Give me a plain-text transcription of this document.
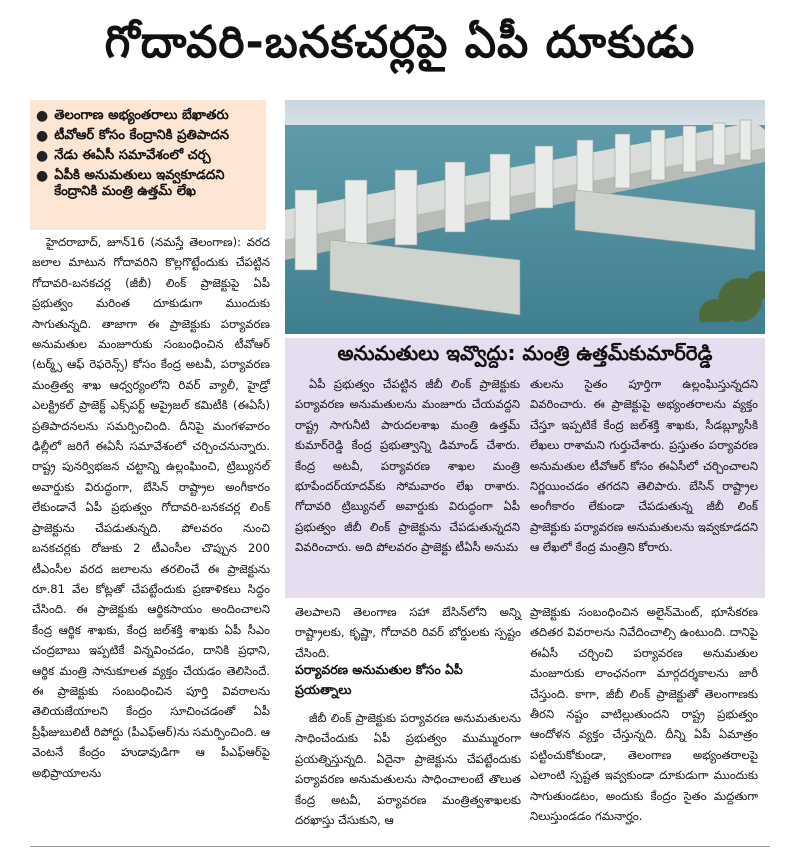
గోదావరి-బనకచర్లపై ఏపీ దూకుడు
● తెలంగాణ అభ్యంతరాలు బేఖాతరు
● టీవోఆర్‌ కోసం కేంద్రానికి ప్రతిపాదన
● నేడు ఈఏసీ సమావేశంలో చర్చ
● ఏపీకి అనుమతులు ఇవ్వకూడదని కేంద్రానికి మంత్రి ఉత్తమ్‌ లేఖ
అనుమతులు ఇవ్వొద్దు: మంత్రి ఉత్తమ్‌కుమార్‌రెడ్డి

హైదరాబాద్‌, జూన్‌16 (నమస్తే తెలంగాణ): వరద జలాల మాటున గోదావరిని కొల్లగొట్టేందుకు చేపట్టిన గోదావరి-బనకచర్ల (జీబీ) లింక్‌ ప్రాజెక్టుపై ఏపీ ప్రభుత్వం మరింత దూకుడుగా ముందుకు సాగుతున్నది. తాజాగా ఈ ప్రాజెక్టుకు పర్యావరణ అనుమతుల మంజూరుకు సంబంధించిన టీవోఆర్‌ (టర్మ్స్‌ ఆఫ్‌ రెఫరెన్స్‌) కోసం కేంద్ర అటవీ, పర్యావరణ మంత్రిత్వ శాఖ ఆధ్వర్యంలోని రివర్‌ వ్యాలీ, హైడ్రో ఎలక్ట్రికల్‌ ప్రాజెక్ట్‌ ఎక్స్‌పర్ట్‌ అప్రైజల్‌ కమిటీకి (ఈఏసీ) ప్రతిపాదనలను సమర్పించింది. దీనిపై మంగళవారం ఢిల్లీలో జరిగే ఈఏసీ సమావేశంలో చర్చించనున్నారు. రాష్ట్ర పునర్విభజన చట్టాన్ని ఉల్లంఘించి, ట్రిబ్యునల్‌ అవార్డుకు విరుద్ధంగా, బేసిన్‌ రాష్ట్రాల అంగీకారం లేకుండానే ఏపీ ప్రభుత్వం గోదావరి-బనకచర్ల లింక్‌ ప్రాజెక్టును చేపడుతున్నది. పోలవరం నుంచి బనకచర్లకు రోజుకు 2 టీఎంసీల చొప్పున 200 టీఎంసీల వరద జలాలను తరలించే ఈ ప్రాజెక్టును రూ.81 వేల కోట్లతో చేపట్టేందుకు ప్రణాళికలు సిద్ధం చేసింది. ఈ ప్రాజెక్టుకు ఆర్థికసాయం అందించాలని కేంద్ర ఆర్థిక శాఖకు, కేంద్ర జల్‌శక్తి శాఖకు ఏపీ సీఎం చంద్రబాబు ఇప్పటికే విన్నవించడం, దానికి ప్రధాని, ఆర్థిక మంత్రి సానుకూలత వ్యక్తం చేయడం తెలిసిందే. ఈ ప్రాజెక్టుకు సంబంధించిన పూర్తి వివరాలను తెలియజేయాలని కేంద్రం సూచించడంతో ఏపీ ప్రీఫీజుబులిటీ రిపోర్టు (పీఎఫ్‌ఆర్‌)ను సమర్పించింది. ఆ వెంటనే కేంద్రం హుడావుడిగా ఆ పీఎఫ్‌ఆర్‌పై అభిప్రాయాలను

ఏపీ ప్రభుత్వం చేపట్టిన జీబీ లింక్‌ ప్రాజెక్టుకు పర్యావరణ అనుమతులను మంజూరు చేయవద్దని రాష్ట్ర సాగునీటి పారుదలశాఖ మంత్రి ఉత్తమ్‌ కుమార్‌రెడ్డి కేంద్ర ప్రభుత్వాన్ని డిమాండ్‌ చేశారు. కేంద్ర అటవీ, పర్యావరణ శాఖల మంత్రి భూపేందర్‌యాదవ్‌కు సోమవారం లేఖ రాశారు. గోదావరి ట్రిబ్యునల్‌ అవార్డుకు విరుద్ధంగా ఏపీ ప్రభుత్వం జీబీ లింక్‌ ప్రాజెక్టును చేపడుతున్నదని వివరించారు. అది పోలవరం ప్రాజెక్టు టీఏసీ అనుమ

తులను సైతం పూర్తిగా ఉల్లంఘిస్తున్నదని వివరించారు. ఈ ప్రాజెక్టుపై అభ్యంతరాలను వ్యక్తం చేస్తూ ఇప్పటికే కేంద్ర జల్‌శక్తి శాఖకు, సీడబ్ల్యూసీకి లేఖలు రాశామని గుర్తుచేశారు. ప్రస్తుతం పర్యావరణ అనుమతుల టీవోఆర్‌ కోసం ఈఏసీలో చర్చించాలని నిర్ణయించడం తగదని తెలిపారు. బేసిన్‌ రాష్ట్రాల అంగీకారం లేకుండా చేపడుతున్న జీబీ లింక్‌ ప్రాజెక్టుకు పర్యావరణ అనుమతులను ఇవ్వకూడదని ఆ లేఖలో కేంద్ర మంత్రిని కోరారు.

తెలపాలని తెలంగాణ సహా బేసిన్‌లోని అన్ని రాష్ట్రాలకు, కృష్ణా, గోదావరి రివర్‌ బోర్డులకు స్పష్టం చేసింది.

పర్యావరణ అనుమతుల కోసం ఏపీ ప్రయత్నాలు

జీబీ లింక్‌ ప్రాజెక్టుకు పర్యావరణ అనుమతులను సాధించేందుకు ఏపీ ప్రభుత్వం ముమ్మురంగా ప్రయత్నిస్తున్నది. ఏదైనా ప్రాజెక్టును చేపట్టేందుకు పర్యావరణ అనుమతులను సాధించాలంటే తొలుత కేంద్ర అటవీ, పర్యావరణ మంత్రిత్వశాఖలకు దరఖాస్తు చేసుకుని, ఆ

ప్రాజెక్టుకు సంబంధించిన అలైన్‌మెంట్‌, భూసేకరణ తదితర వివరాలను నివేదించాల్సి ఉంటుంది. దానిపై ఈఏసీ చర్చించి పర్యావరణ అనుమతుల మంజూరుకు లాంఛనంగా మార్గదర్శకాలను జారీ చేస్తుంది. కాగా, జీబీ లింక్‌ ప్రాజెక్టుతో తెలంగాణకు తీరని నష్టం వాటిల్లుతుందని రాష్ట్ర ప్రభుత్వం ఆందోళన వ్యక్తం చేస్తున్నది. దీన్ని ఏపీ ఏమాత్రం పట్టించుకోకుండా, తెలంగాణ అభ్యంతరాలపై ఎలాంటి స్పష్టత ఇవ్వకుండా దూకుడుగా ముందుకు సాగుతుండటం, అందుకు కేంద్రం సైతం మద్దతుగా నిలుస్తుండడం గమనార్హం.
